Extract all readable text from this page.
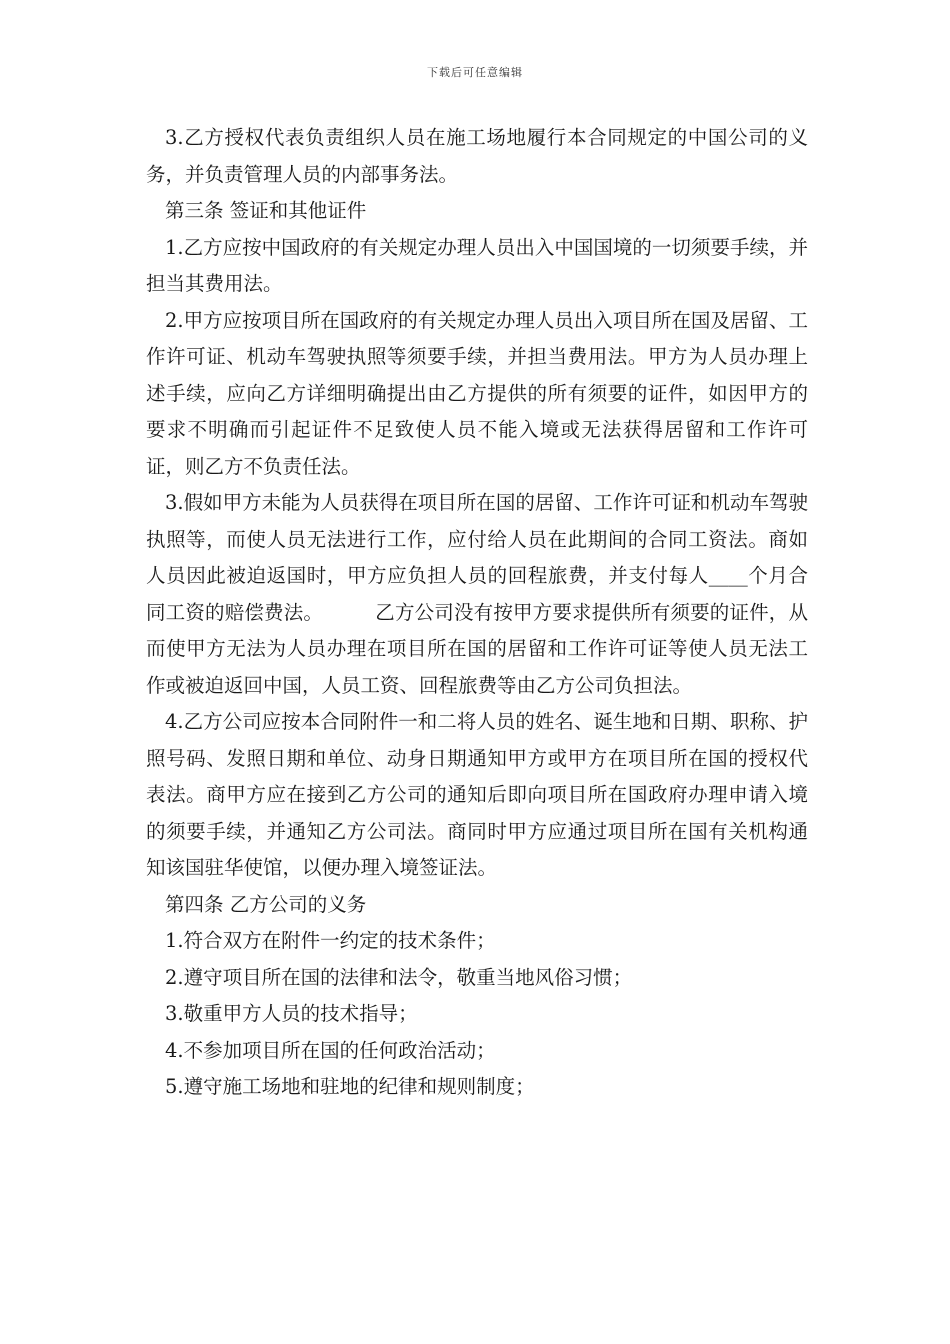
下载后可任意编辑

3.乙方授权代表负责组织人员在施工场地履行本合同规定的中国公司的义务，并负责管理人员的内部事务法。

第三条 签证和其他证件

1.乙方应按中国政府的有关规定办理人员出入中国国境的一切须要手续，并担当其费用法。

2.甲方应按项目所在国政府的有关规定办理人员出入项目所在国及居留、工作许可证、机动车驾驶执照等须要手续，并担当费用法。甲方为人员办理上述手续，应向乙方详细明确提出由乙方提供的所有须要的证件，如因甲方的要求不明确而引起证件不足致使人员不能入境或无法获得居留和工作许可证，则乙方不负责任法。

3.假如甲方未能为人员获得在项目所在国的居留、工作许可证和机动车驾驶执照等，而使人员无法进行工作，应付给人员在此期间的合同工资法。商如人员因此被迫返国时，甲方应负担人员的回程旅费，并支付每人____个月合同工资的赔偿费法。	乙方公司没有按甲方要求提供所有须要的证件，从而使甲方无法为人员办理在项目所在国的居留和工作许可证等使人员无法工作或被迫返回中国，人员工资、回程旅费等由乙方公司负担法。

4.乙方公司应按本合同附件一和二将人员的姓名、诞生地和日期、职称、护照号码、发照日期和单位、动身日期通知甲方或甲方在项目所在国的授权代表法。商甲方应在接到乙方公司的通知后即向项目所在国政府办理申请入境的须要手续，并通知乙方公司法。商同时甲方应通过项目所在国有关机构通知该国驻华使馆，以便办理入境签证法。

第四条 乙方公司的义务

1.符合双方在附件一约定的技术条件；

2.遵守项目所在国的法律和法令，敬重当地风俗习惯；

3.敬重甲方人员的技术指导；

4.不参加项目所在国的任何政治活动；

5.遵守施工场地和驻地的纪律和规则制度；
